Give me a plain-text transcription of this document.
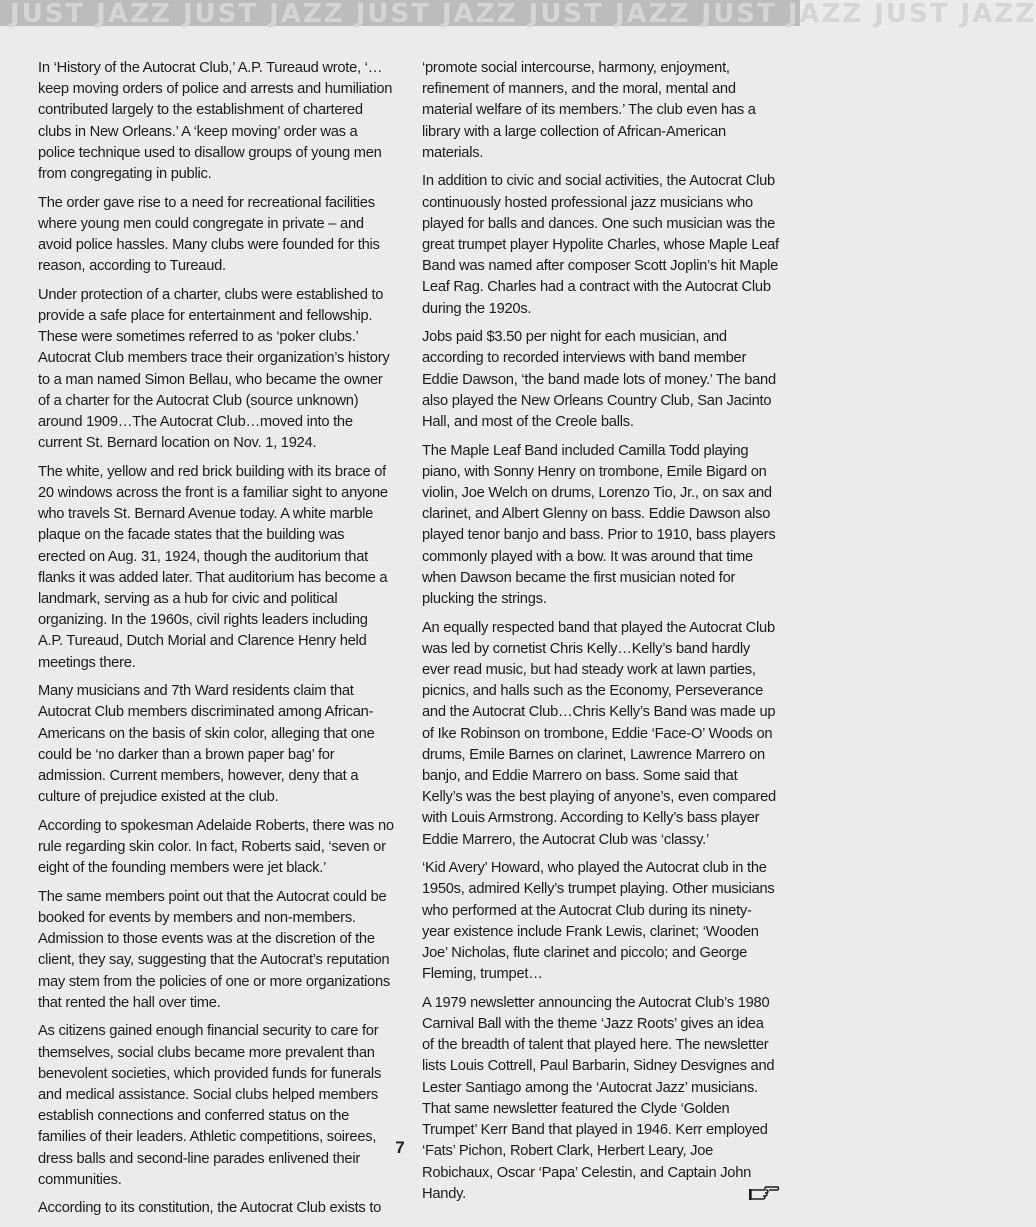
JUST JAZZ JUST JAZZ JUST JAZZ JUST JAZZ JUST JAZZ JUST JAZZ

In ‘History of the Autocrat Club,’ A.P. Tureaud wrote, ‘…keep moving orders of police and arrests and humiliation contributed largely to the establishment of chartered clubs in New Orleans.’ A ‘keep moving’ order was a police technique used to disallow groups of young men from congregating in public.

The order gave rise to a need for recreational facilities where young men could congregate in private – and avoid police hassles. Many clubs were founded for this reason, according to Tureaud.

Under protection of a charter, clubs were established to provide a safe place for entertainment and fellowship. These were sometimes referred to as ‘poker clubs.’ Autocrat Club members trace their organization’s history to a man named Simon Bellau, who became the owner of a charter for the Autocrat Club (source unknown) around 1909…The Autocrat Club…moved into the current St. Bernard location on Nov. 1, 1924.

The white, yellow and red brick building with its brace of 20 windows across the front is a familiar sight to anyone who travels St. Bernard Avenue today. A white marble plaque on the facade states that the building was erected on Aug. 31, 1924, though the auditorium that flanks it was added later. That auditorium has become a landmark, serving as a hub for civic and political organizing. In the 1960s, civil rights leaders including A.P. Tureaud, Dutch Morial and Clarence Henry held meetings there.

Many musicians and 7th Ward residents claim that Autocrat Club members discriminated among African-Americans on the basis of skin color, alleging that one could be ‘no darker than a brown paper bag’ for admission. Current members, however, deny that a culture of prejudice existed at the club.

According to spokesman Adelaide Roberts, there was no rule regarding skin color. In fact, Roberts said, ‘seven or eight of the founding members were jet black.’

The same members point out that the Autocrat could be booked for events by members and non-members. Admission to those events was at the discretion of the client, they say, suggesting that the Autocrat’s reputation may stem from the policies of one or more organizations that rented the hall over time.

As citizens gained enough financial security to care for themselves, social clubs became more prevalent than benevolent societies, which provided funds for funerals and medical assistance. Social clubs helped members establish connections and conferred status on the families of their leaders. Athletic competitions, soirees, dress balls and second-line parades enlivened their communities.

According to its constitution, the Autocrat Club exists to

‘promote social intercourse, harmony, enjoyment, refinement of manners, and the moral, mental and material welfare of its members.’ The club even has a library with a large collection of African-American materials.

In addition to civic and social activities, the Autocrat Club continuously hosted professional jazz musicians who played for balls and dances. One such musician was the great trumpet player Hypolite Charles, whose Maple Leaf Band was named after composer Scott Joplin’s hit Maple Leaf Rag. Charles had a contract with the Autocrat Club during the 1920s.

Jobs paid $3.50 per night for each musician, and according to recorded interviews with band member Eddie Dawson, ‘the band made lots of money.’ The band also played the New Orleans Country Club, San Jacinto Hall, and most of the Creole balls.

The Maple Leaf Band included Camilla Todd playing piano, with Sonny Henry on trombone, Emile Bigard on violin, Joe Welch on drums, Lorenzo Tio, Jr., on sax and clarinet, and Albert Glenny on bass. Eddie Dawson also played tenor banjo and bass. Prior to 1910, bass players commonly played with a bow. It was around that time when Dawson became the first musician noted for plucking the strings.

An equally respected band that played the Autocrat Club was led by cornetist Chris Kelly…Kelly’s band hardly ever read music, but had steady work at lawn parties, picnics, and halls such as the Economy, Perseverance and the Autocrat Club…Chris Kelly’s Band was made up of Ike Robinson on trombone, Eddie ‘Face-O’ Woods on drums, Emile Barnes on clarinet, Lawrence Marrero on banjo, and Eddie Marrero on bass. Some said that Kelly’s was the best playing of anyone’s, even compared with Louis Armstrong. According to Kelly’s bass player Eddie Marrero, the Autocrat Club was ‘classy.’

‘Kid Avery’ Howard, who played the Autocrat club in the 1950s, admired Kelly’s trumpet playing. Other musicians who performed at the Autocrat Club during its ninety-year existence include Frank Lewis, clarinet; ‘Wooden Joe’ Nicholas, flute clarinet and piccolo; and George Fleming, trumpet…

A 1979 newsletter announcing the Autocrat Club’s 1980 Carnival Ball with the theme ‘Jazz Roots’ gives an idea of the breadth of talent that played here. The newsletter lists Louis Cottrell, Paul Barbarin, Sidney Desvignes and Lester Santiago among the ‘Autocrat Jazz’ musicians. That same newsletter featured the Clyde ‘Golden Trumpet’ Kerr Band that played in 1946. Kerr employed ‘Fats’ Pichon, Robert Clark, Herbert Leary, Joe Robichaux, Oscar ‘Papa’ Celestin, and Captain John Handy.

7
